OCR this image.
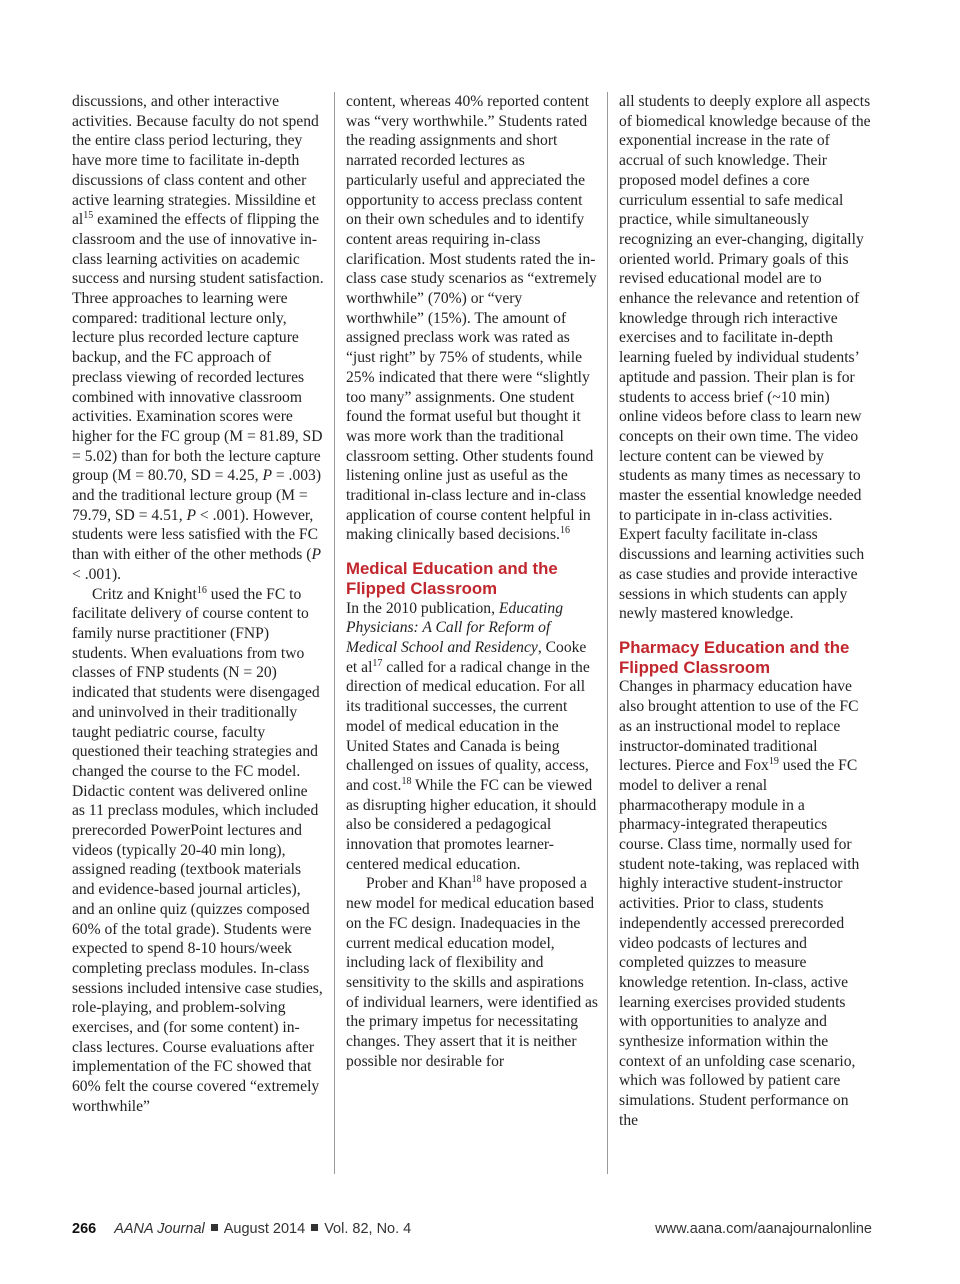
discussions, and other interactive activities. Because faculty do not spend the entire class period lecturing, they have more time to facilitate in-depth discussions of class content and other active learning strategies. Missildine et $al^{15}$ examined the effects of flipping the classroom and the use of innovative in-class learning activities on academic success and nursing student satisfaction. Three approaches to learning were compared: traditional lecture only, lecture plus recorded lecture capture backup, and the FC approach of preclass viewing of recorded lectures combined with innovative classroom activities. Examination scores were higher for the FC group (M = 81.89, SD = 5.02) than for both the lecture capture group (M = 80.70, SD = 4.25, P = .003) and the traditional lecture group (M = 79.79, SD = 4.51, P < .001). However, students were less satisfied with the FC than with either of the other methods (P < .001).

Critz and Knight$^{16}$ used the FC to facilitate delivery of course content to family nurse practitioner (FNP) students. When evaluations from two classes of FNP students (N = 20) indicated that students were disengaged and uninvolved in their traditionally taught pediatric course, faculty questioned their teaching strategies and changed the course to the FC model. Didactic content was delivered online as 11 preclass modules, which included prerecorded PowerPoint lectures and videos (typically 20-40 min long), assigned reading (textbook materials and evidence-based journal articles), and an online quiz (quizzes composed 60% of the total grade). Students were expected to spend 8-10 hours/week completing preclass modules. In-class sessions included intensive case studies, role-playing, and problem-solving exercises, and (for some content) in-class lectures. Course evaluations after implementation of the FC showed that 60% felt the course covered “extremely worthwhile”

content, whereas 40% reported content was “very worthwhile.” Students rated the reading assignments and short narrated recorded lectures as particularly useful and appreciated the opportunity to access preclass content on their own schedules and to identify content areas requiring in-class clarification. Most students rated the in-class case study scenarios as “extremely worthwhile” (70%) or “very worthwhile” (15%). The amount of assigned preclass work was rated as “just right” by 75% of students, while 25% indicated that there were “slightly too many” assignments. One student found the format useful but thought it was more work than the traditional classroom setting. Other students found listening online just as useful as the traditional in-class lecture and in-class application of course content helpful in making clinically based decisions.$^{16}$

Medical Education and the Flipped Classroom

In the 2010 publication, Educating Physicians: A Call for Reform of Medical School and Residency, Cooke et $al^{17}$ called for a radical change in the direction of medical education. For all its traditional successes, the current model of medical education in the United States and Canada is being challenged on issues of quality, access, and cost.$^{18}$ While the FC can be viewed as disrupting higher education, it should also be considered a pedagogical innovation that promotes learner-centered medical education.

Prober and Khan$^{18}$ have proposed a new model for medical education based on the FC design. Inadequacies in the current medical education model, including lack of flexibility and sensitivity to the skills and aspirations of individual learners, were identified as the primary impetus for necessitating changes. They assert that it is neither possible nor desirable for

all students to deeply explore all aspects of biomedical knowledge because of the exponential increase in the rate of accrual of such knowledge. Their proposed model defines a core curriculum essential to safe medical practice, while simultaneously recognizing an ever-changing, digitally oriented world. Primary goals of this revised educational model are to enhance the relevance and retention of knowledge through rich interactive exercises and to facilitate in-depth learning fueled by individual students’ aptitude and passion. Their plan is for students to access brief (~10 min) online videos before class to learn new concepts on their own time. The video lecture content can be viewed by students as many times as necessary to master the essential knowledge needed to participate in in-class activities. Expert faculty facilitate in-class discussions and learning activities such as case studies and provide interactive sessions in which students can apply newly mastered knowledge.

Pharmacy Education and the Flipped Classroom

Changes in pharmacy education have also brought attention to use of the FC as an instructional model to replace instructor-dominated traditional lectures. Pierce and Fox$^{19}$ used the FC model to deliver a renal pharmacotherapy module in a pharmacy-integrated therapeutics course. Class time, normally used for student note-taking, was replaced with highly interactive student-instructor activities. Prior to class, students independently accessed prerecorded video podcasts of lectures and completed quizzes to measure knowledge retention. In-class, active learning exercises provided students with opportunities to analyze and synthesize information within the context of an unfolding case scenario, which was followed by patient care simulations. Student performance on the

266 AANA Journal August 2014 Vol. 82, No. 4	www.aana.com/aanajournalonline
